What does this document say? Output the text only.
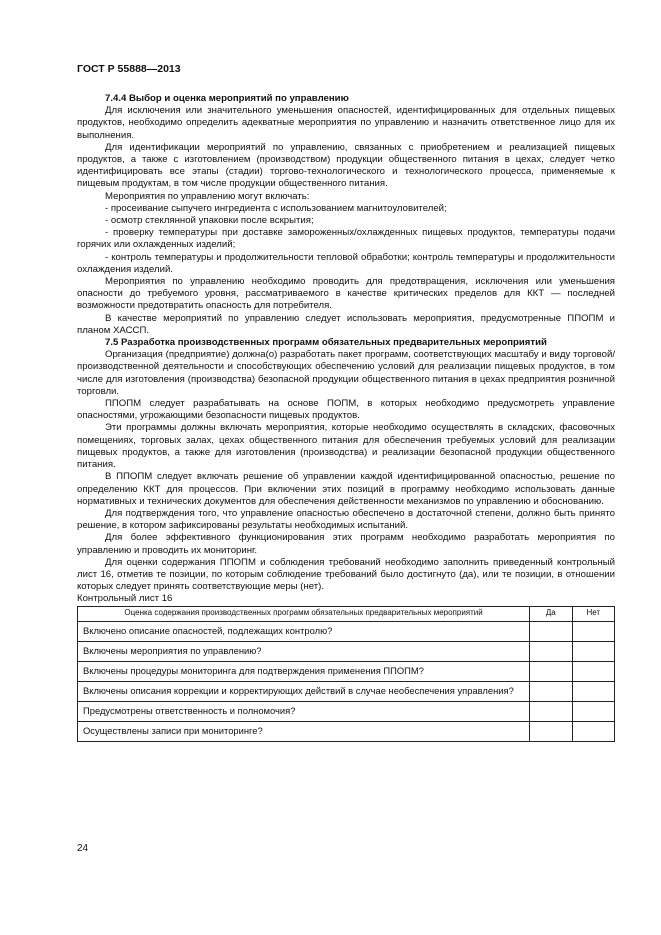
ГОСТ Р 55888—2013

7.4.4 Выбор и оценка мероприятий по управлению

Для исключения или значительного уменьшения опасностей, идентифицированных для отдельных пищевых продуктов, необходимо определить адекватные мероприятия по управлению и назначить ответственное лицо для их выполнения.

Для идентификации мероприятий по управлению, связанных с приобретением и реализацией пищевых продуктов, а также с изготовлением (производством) продукции общественного питания в цехах, следует четко идентифицировать все этапы (стадии) торгово-технологического и технологического процесса, применяемые к пищевым продуктам, в том числе продукции общественного питания.

Мероприятия по управлению могут включать:

- просеивание сыпучего ингредиента с использованием магнитоуловителей;

- осмотр стеклянной упаковки после вскрытия;

- проверку температуры при доставке замороженных/охлажденных пищевых продуктов, температуры подачи горячих или охлажденных изделий;

- контроль температуры и продолжительности тепловой обработки; контроль температуры и продолжительности охлаждения изделий.

Мероприятия по управлению необходимо проводить для предотвращения, исключения или уменьшения опасности до требуемого уровня, рассматриваемого в качестве критических пределов для ККТ — последней возможности предотвратить опасность для потребителя.

В качестве мероприятий по управлению следует использовать мероприятия, предусмотренные ППОПМ и планом ХАССП.

7.5 Разработка производственных программ обязательных предварительных мероприятий

Организация (предприятие) должна(о) разработать пакет программ, соответствующих масштабу и виду торговой/производственной деятельности и способствующих обеспечению условий для реализации пищевых продуктов, в том числе для изготовления (производства) безопасной продукции общественного питания в цехах предприятия розничной торговли.

ППОПМ следует разрабатывать на основе ПОПМ, в которых необходимо предусмотреть управление опасностями, угрожающими безопасности пищевых продуктов.

Эти программы должны включать мероприятия, которые необходимо осуществлять в складских, фасовочных помещениях, торговых залах, цехах общественного питания для обеспечения требуемых условий для реализации пищевых продуктов, а также для изготовления (производства) и реализации безопасной продукции общественного питания.

В ППОПМ следует включать решение об управлении каждой идентифицированной опасностью, решение по определению ККТ для процессов. При включении этих позиций в программу необходимо использовать данные нормативных и технических документов для обеспечения действенности механизмов по управлению и обоснованию.

Для подтверждения того, что управление опасностью обеспечено в достаточной степени, должно быть принято решение, в котором зафиксированы результаты необходимых испытаний.

Для более эффективного функционирования этих программ необходимо разработать мероприятия по управлению и проводить их мониторинг.

Для оценки содержания ППОПМ и соблюдения требований необходимо заполнить приведенный контрольный лист 16, отметив те позиции, по которым соблюдение требований было достигнуто (да), или те позиции, в отношении которых следует принять соответствующие меры (нет).

Контрольный лист 16

Оценка содержания производственных программ обязательных предварительных мероприятий	Да	Нет
Включено описание опасностей, подлежащих контролю?		
Включены мероприятия по управлению?		
Включены процедуры мониторинга для подтверждения применения ППОПМ?		
Включены описания коррекции и корректирующих действий в случае необеспечения управления?		
Предусмотрены ответственность и полномочия?		
Осуществлены записи при мониторинге?		
24
